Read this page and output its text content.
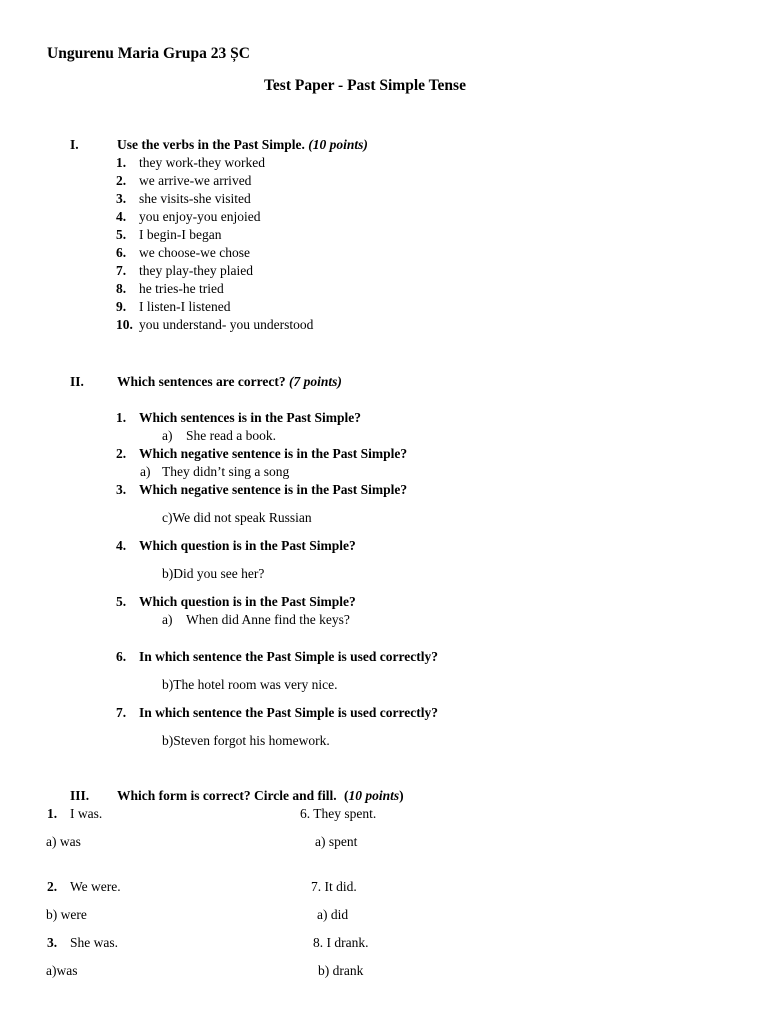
Ungurenu Maria Grupa 23 ȘC
Test Paper - Past Simple Tense
I.	Use the verbs in the Past Simple. (10 points)
1. they work-they worked
2. we arrive-we arrived
3. she visits-she visited
4. you enjoy-you enjoied
5. I begin-I began
6. we choose-we chose
7. they play-they plaied
8. he tries-he tried
9. I listen-I listened
10. you understand- you understood
II. Which sentences are correct? (7 points)
1. Which sentences is in the Past Simple?
a) She read a book.
2. Which negative sentence is in the Past Simple?
a) They didn’t sing a song
3. Which negative sentence is in the Past Simple?
c)We did not speak Russian
4. Which question is in the Past Simple?
b)Did you see her?
5. Which question is in the Past Simple?
a) When did Anne find the keys?
6. In which sentence the Past Simple is used correctly?
b)The hotel room was very nice.
7. In which sentence the Past Simple is used correctly?
b)Steven forgot his homework.
III. Which form is correct? Circle and fill. (10 points)
1. I was.	6. They spent.
a) was	a) spent
2. We were.	7. It did.
b) were	a) did
3. She was.	8. I drank.
a)was	b) drank
